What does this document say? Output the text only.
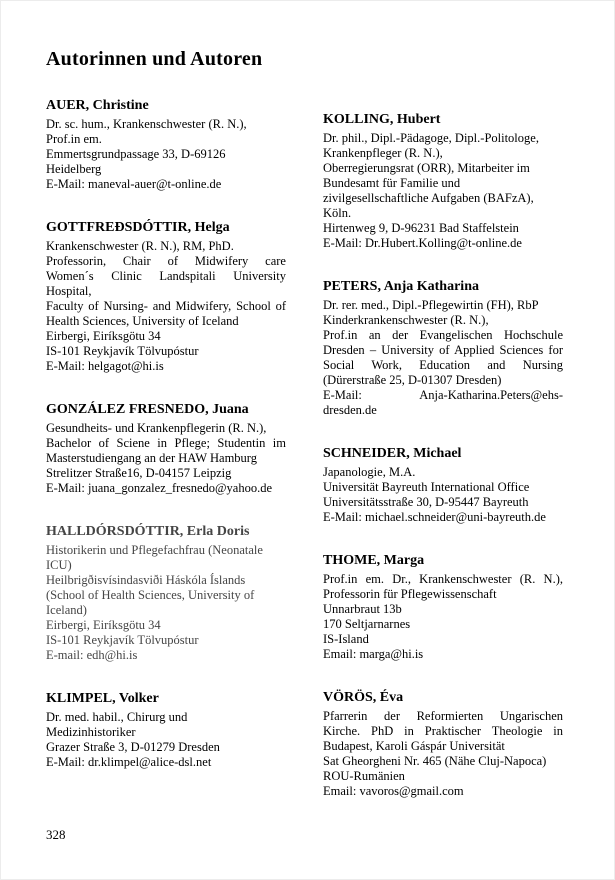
Autorinnen und Autoren
AUER, Christine
Dr. sc. hum., Krankenschwester (R. N.),
Prof.in em.
Emmertsgrundpassage 33, D-69126
Heidelberg
E-Mail: maneval-auer@t-online.de
GOTTFREÐSDÓTTIR, Helga
Krankenschwester (R. N.), RM, PhD.
Professorin, Chair of Midwifery care
Women´s Clinic Landspitali University
Hospital,
Faculty of Nursing- and Midwifery, School of
Health Sciences, University of Iceland
Eirbergi, Eiríksgötu 34
IS-101 Reykjavík Tölvupóstur
E-Mail: helgagot@hi.is
GONZÁLEZ FRESNEDO, Juana
Gesundheits- und Krankenpflegerin (R. N.),
Bachelor of Sciene in Pflege; Studentin im
Masterstudiengang an der HAW Hamburg
Strelitzer Straße16, D-04157 Leipzig
E-Mail: juana_gonzalez_fresnedo@yahoo.de
HALLDÓRSDÓTTIR, Erla Doris
Historikerin und Pflegefachfrau (Neonatale
ICU)
Heilbrigðisvísindasviði Háskóla Íslands
(School of Health Sciences, University of
Iceland)
Eirbergi, Eiríksgötu 34
IS-101 Reykjavík Tölvupóstur
E-mail: edh@hi.is
KLIMPEL, Volker
Dr. med. habil., Chirurg und
Medizinhistoriker
Grazer Straße 3, D-01279 Dresden
E-Mail: dr.klimpel@alice-dsl.net
KOLLING, Hubert
Dr. phil., Dipl.-Pädagoge, Dipl.-Politologe,
Krankenpfleger (R. N.),
Oberregierungsrat (ORR), Mitarbeiter im
Bundesamt für Familie und
zivilgesellschaftliche Aufgaben (BAFzA),
Köln.
Hirtenweg 9, D-96231 Bad Staffelstein
E-Mail: Dr.Hubert.Kolling@t-online.de
PETERS, Anja Katharina
Dr. rer. med., Dipl.-Pflegewirtin (FH), RbP
Kinderkrankenschwester (R. N.),
Prof.in an der Evangelischen Hochschule
Dresden – University of Applied Sciences for
Social Work, Education and Nursing
(Dürerstraße 25, D-01307 Dresden)
E-Mail: Anja-Katharina.Peters@ehs-
dresden.de
SCHNEIDER, Michael
Japanologie, M.A.
Universität Bayreuth International Office
Universitätsstraße 30, D-95447 Bayreuth
E-Mail: michael.schneider@uni-bayreuth.de
THOME, Marga
Prof.in em. Dr., Krankenschwester (R. N.),
Professorin für Pflegewissenschaft
Unnarbraut 13b
170 Seltjarnarnes
IS-Island
Email: marga@hi.is
VÖRÖS, Éva
Pfarrerin der Reformierten Ungarischen
Kirche. PhD in Praktischer Theologie in
Budapest, Karoli Gáspár Universität
Sat Gheorgheni Nr. 465 (Nähe Cluj-Napoca)
ROU-Rumänien
Email: vavoros@gmail.com
328
